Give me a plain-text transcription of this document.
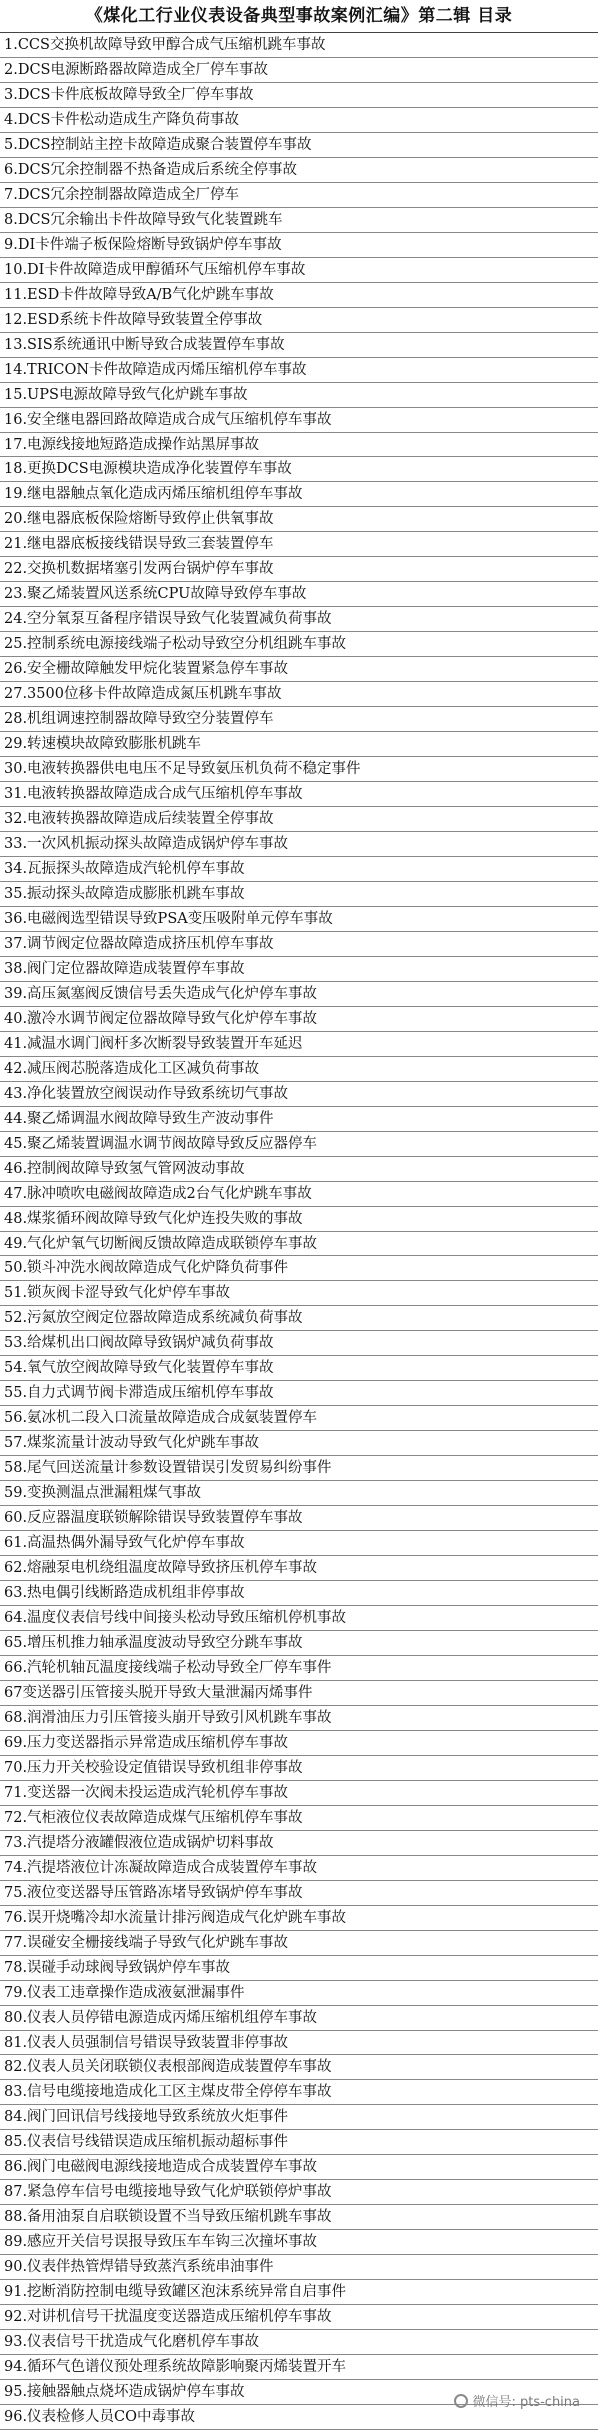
《煤化工行业仪表设备典型事故案例汇编》第二辑 目录
1.CCS交换机故障导致甲醇合成气压缩机跳车事故
2.DCS电源断路器故障造成全厂停车事故
3.DCS卡件底板故障导致全厂停车事故
4.DCS卡件松动造成生产降负荷事故
5.DCS控制站主控卡故障造成聚合装置停车事故
6.DCS冗余控制器不热备造成后系统全停事故
7.DCS冗余控制器故障造成全厂停车
8.DCS冗余输出卡件故障导致气化装置跳车
9.DI卡件端子板保险熔断导致锅炉停车事故
10.DI卡件故障造成甲醇循环气压缩机停车事故
11.ESD卡件故障导致A/B气化炉跳车事故
12.ESD系统卡件故障导致装置全停事故
13.SIS系统通讯中断导致合成装置停车事故
14.TRICON卡件故障造成丙烯压缩机停车事故
15.UPS电源故障导致气化炉跳车事故
16.安全继电器回路故障造成合成气压缩机停车事故
17.电源线接地短路造成操作站黑屏事故
18.更换DCS电源模块造成净化装置停车事故
19.继电器触点氧化造成丙烯压缩机组停车事故
20.继电器底板保险熔断导致停止供氧事故
21.继电器底板接线错误导致三套装置停车
22.交换机数据堵塞引发两台锅炉停车事故
23.聚乙烯装置风送系统CPU故障导致停车事故
24.空分氧泵互备程序错误导致气化装置减负荷事故
25.控制系统电源接线端子松动导致空分机组跳车事故
26.安全栅故障触发甲烷化装置紧急停车事故
27.3500位移卡件故障造成氮压机跳车事故
28.机组调速控制器故障导致空分装置停车
29.转速模块故障致膨胀机跳车
30.电液转换器供电电压不足导致氨压机负荷不稳定事件
31.电液转换器故障造成合成气压缩机停车事故
32.电液转换器故障造成后续装置全停事故
33.一次风机振动探头故障造成锅炉停车事故
34.瓦振探头故障造成汽轮机停车事故
35.振动探头故障造成膨胀机跳车事故
36.电磁阀选型错误导致PSA变压吸附单元停车事故
37.调节阀定位器故障造成挤压机停车事故
38.阀门定位器故障造成装置停车事故
39.高压氮塞阀反馈信号丢失造成气化炉停车事故
40.激冷水调节阀定位器故障导致气化炉停车事故
41.减温水调门阀杆多次断裂导致装置开车延迟
42.减压阀芯脱落造成化工区减负荷事故
43.净化装置放空阀误动作导致系统切气事故
44.聚乙烯调温水阀故障导致生产波动事件
45.聚乙烯装置调温水调节阀故障导致反应器停车
46.控制阀故障导致氢气管网波动事故
47.脉冲喷吹电磁阀故障造成2台气化炉跳车事故
48.煤浆循环阀故障导致气化炉连投失败的事故
49.气化炉氧气切断阀反馈故障造成联锁停车事故
50.锁斗冲洗水阀故障造成气化炉降负荷事件
51.锁灰阀卡涩导致气化炉停车事故
52.污氮放空阀定位器故障造成系统减负荷事故
53.给煤机出口阀故障导致锅炉减负荷事故
54.氧气放空阀故障导致气化装置停车事故
55.自力式调节阀卡滞造成压缩机停车事故
56.氨冰机二段入口流量故障造成合成氨装置停车
57.煤浆流量计波动导致气化炉跳车事故
58.尾气回送流量计参数设置错误引发贸易纠纷事件
59.变换测温点泄漏粗煤气事故
60.反应器温度联锁解除错误导致装置停车事故
61.高温热偶外漏导致气化炉停车事故
62.熔融泵电机绕组温度故障导致挤压机停车事故
63.热电偶引线断路造成机组非停事故
64.温度仪表信号线中间接头松动导致压缩机停机事故
65.增压机推力轴承温度波动导致空分跳车事故
66.汽轮机轴瓦温度接线端子松动导致全厂停车事件
67变送器引压管接头脱开导致大量泄漏丙烯事件
68.润滑油压力引压管接头崩开导致引风机跳车事故
69.压力变送器指示异常造成压缩机停车事故
70.压力开关校验设定值错误导致机组非停事故
71.变送器一次阀未投运造成汽轮机停车事故
72.气柜液位仪表故障造成煤气压缩机停车事故
73.汽提塔分液罐假液位造成锅炉切料事故
74.汽提塔液位计冻凝故障造成合成装置停车事故
75.液位变送器导压管路冻堵导致锅炉停车事故
76.误开烧嘴冷却水流量计排污阀造成气化炉跳车事故
77.误碰安全栅接线端子导致气化炉跳车事故
78.误碰手动球阀导致锅炉停车事故
79.仪表工违章操作造成液氨泄漏事件
80.仪表人员停错电源造成丙烯压缩机组停车事故
81.仪表人员强制信号错误导致装置非停事故
82.仪表人员关闭联锁仪表根部阀造成装置停车事故
83.信号电缆接地造成化工区主煤皮带全停停车事故
84.阀门回讯信号线接地导致系统放火炬事件
85.仪表信号线错误造成压缩机振动超标事件
86.阀门电磁阀电源线接地造成合成装置停车事故
87.紧急停车信号电缆接地导致气化炉联锁停炉事故
88.备用油泵自启联锁设置不当导致压缩机跳车事故
89.感应开关信号误报导致压车车钩三次撞坏事故
90.仪表伴热管焊错导致蒸汽系统串油事件
91.挖断消防控制电缆导致罐区泡沫系统异常自启事件
92.对讲机信号干扰温度变送器造成压缩机停车事故
93.仪表信号干扰造成气化磨机停车事故
94.循环气色谱仪预处理系统故障影响聚丙烯装置开车
95.接触器触点烧坏造成锅炉停车事故
96.仪表检修人员CO中毒事故
微信号: pts-china
